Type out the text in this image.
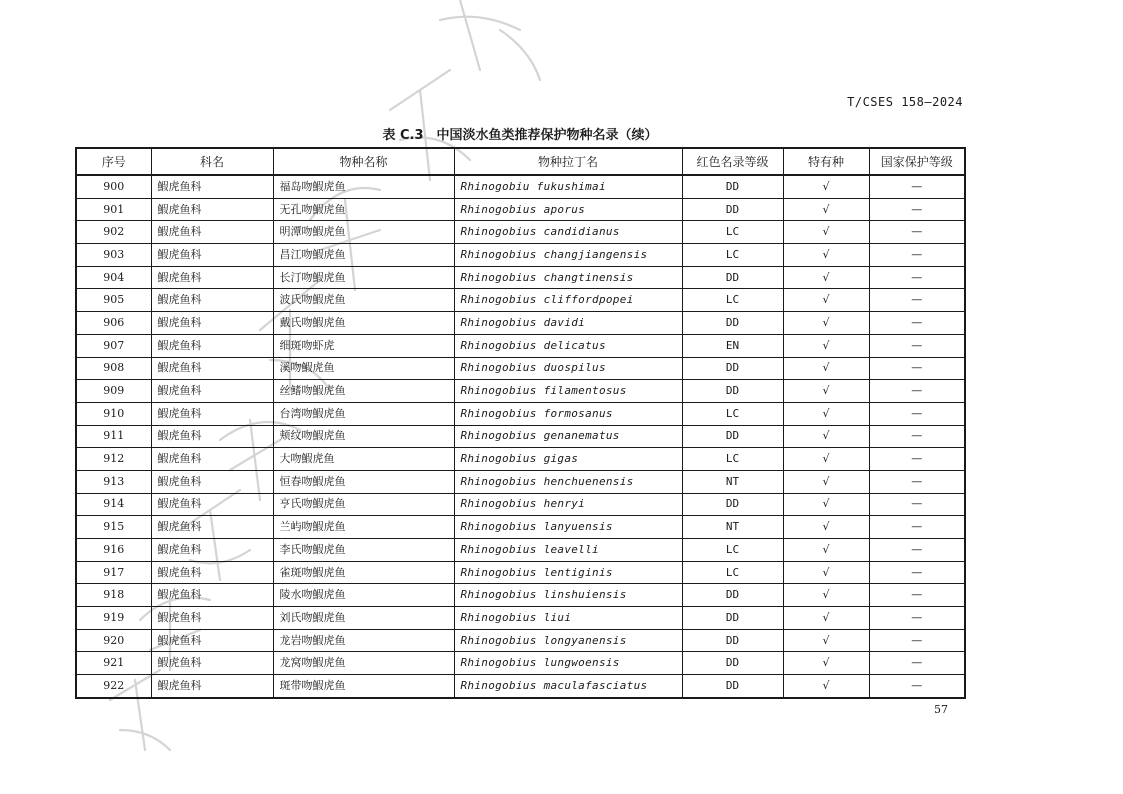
T/CSES 158—2024
表 C.3　中国淡水鱼类推荐保护物种名录（续）
序号	科名	物种名称	物种拉丁名	红色名录等级	特有种	国家保护等级
900	鰕虎鱼科	福岛吻鰕虎鱼	Rhinogobiu fukushimai	DD	√	—
901	鰕虎鱼科	无孔吻鰕虎鱼	Rhinogobius aporus	DD	√	—
902	鰕虎鱼科	明潭吻鰕虎鱼	Rhinogobius candidianus	LC	√	—
903	鰕虎鱼科	昌江吻鰕虎鱼	Rhinogobius changjiangensis	LC	√	—
904	鰕虎鱼科	长汀吻鰕虎鱼	Rhinogobius changtinensis	DD	√	—
905	鰕虎鱼科	波氏吻鰕虎鱼	Rhinogobius cliffordpopei	LC	√	—
906	鰕虎鱼科	戴氏吻鰕虎鱼	Rhinogobius davidi	DD	√	—
907	鰕虎鱼科	细斑吻虾虎	Rhinogobius delicatus	EN	√	—
908	鰕虎鱼科	溪吻鰕虎鱼	Rhinogobius duospilus	DD	√	—
909	鰕虎鱼科	丝鳍吻鰕虎鱼	Rhinogobius filamentosus	DD	√	—
910	鰕虎鱼科	台湾吻鰕虎鱼	Rhinogobius formosanus	LC	√	—
911	鰕虎鱼科	颊纹吻鰕虎鱼	Rhinogobius genanematus	DD	√	—
912	鰕虎鱼科	大吻鰕虎鱼	Rhinogobius gigas	LC	√	—
913	鰕虎鱼科	恒春吻鰕虎鱼	Rhinogobius henchuenensis	NT	√	—
914	鰕虎鱼科	亨氏吻鰕虎鱼	Rhinogobius henryi	DD	√	—
915	鰕虎鱼科	兰屿吻鰕虎鱼	Rhinogobius lanyuensis	NT	√	—
916	鰕虎鱼科	李氏吻鰕虎鱼	Rhinogobius leavelli	LC	√	—
917	鰕虎鱼科	雀斑吻鰕虎鱼	Rhinogobius lentiginis	LC	√	—
918	鰕虎鱼科	陵水吻鰕虎鱼	Rhinogobius linshuiensis	DD	√	—
919	鰕虎鱼科	刘氏吻鰕虎鱼	Rhinogobius liui	DD	√	—
920	鰕虎鱼科	龙岩吻鰕虎鱼	Rhinogobius longyanensis	DD	√	—
921	鰕虎鱼科	龙窝吻鰕虎鱼	Rhinogobius lungwoensis	DD	√	—
922	鰕虎鱼科	斑带吻鰕虎鱼	Rhinogobius maculafasciatus	DD	√	—
57
